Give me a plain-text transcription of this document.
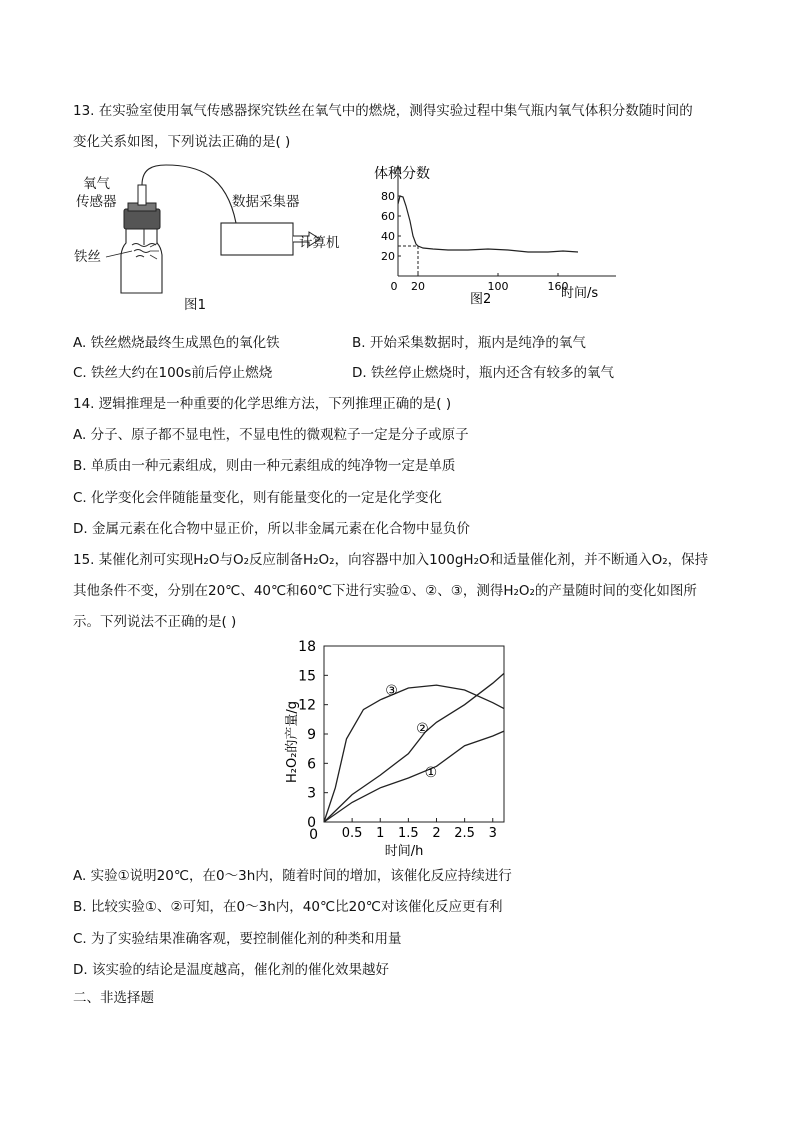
13. 在实验室使用氧气传感器探究铁丝在氧气中的燃烧，测得实验过程中集气瓶内氧气体积分数随时间的
变化关系如图，下列说法正确的是( )
氧气
传感器	数据采集器
计算机
铁丝
图1
体积分数
时间/s
20
40
60
80
0 20	100	160
图2
A. 铁丝燃烧最终生成黑色的氧化铁	B. 开始采集数据时，瓶内是纯净的氧气
C. 铁丝大约在100s前后停止燃烧	D. 铁丝停止燃烧时，瓶内还含有较多的氧气
14. 逻辑推理是一种重要的化学思维方法，下列推理正确的是( )
A. 分子、原子都不显电性，不显电性的微观粒子一定是分子或原子
B. 单质由一种元素组成，则由一种元素组成的纯净物一定是单质
C. 化学变化会伴随能量变化，则有能量变化的一定是化学变化
D. 金属元素在化合物中显正价，所以非金属元素在化合物中显负价
15. 某催化剂可实现H₂O与O₂反应制备H₂O₂，向容器中加入100gH₂O和适量催化剂，并不断通入O₂，保持
其他条件不变，分别在20℃、40℃和60℃下进行实验①、②、③，测得H₂O₂的产量随时间的变化如图所
示。下列说法不正确的是( )
0
3
6
9
12
15
18
0.5 1 1.5 2 2.5 3
0
时间/h
H₂O₂的产量/g	①
②
③
A. 实验①说明20℃，在0～3h内，随着时间的增加，该催化反应持续进行
B. 比较实验①、②可知，在0～3h内，40℃比20℃对该催化反应更有利
C. 为了实验结果准确客观，要控制催化剂的种类和用量
D. 该实验的结论是温度越高，催化剂的催化效果越好
二、非选择题
